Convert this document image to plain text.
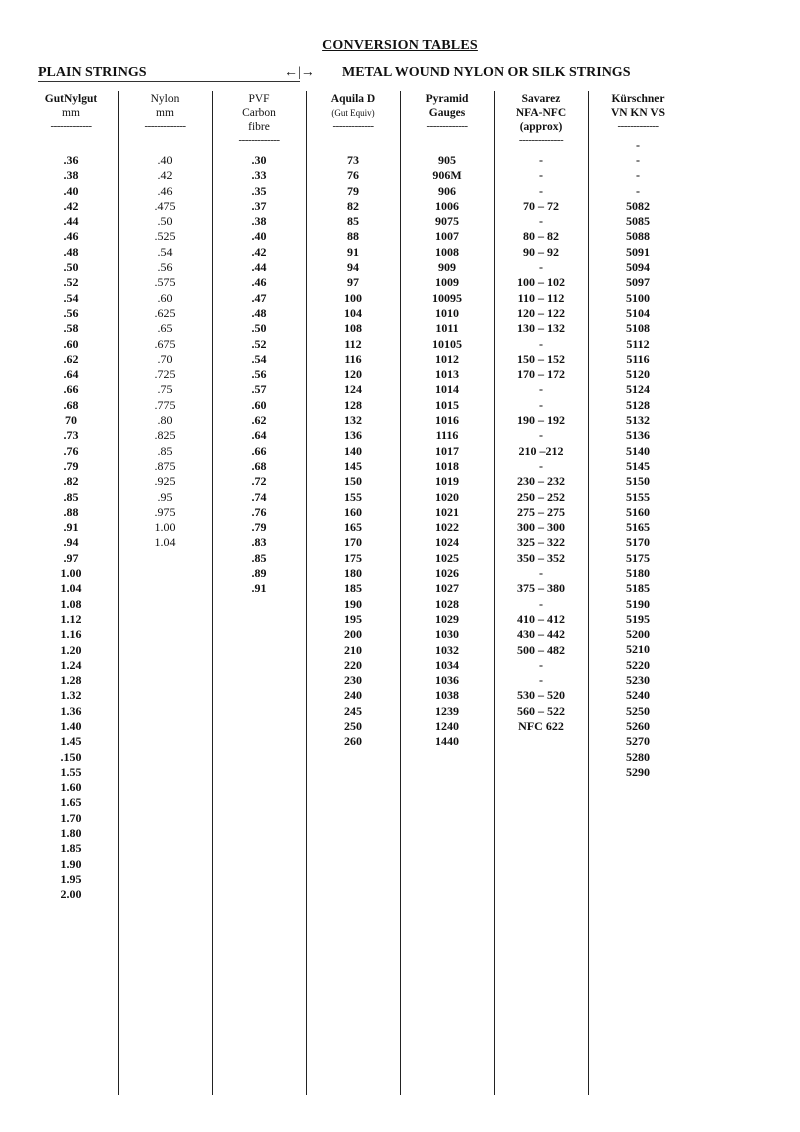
CONVERSION TABLES
PLAIN STRINGS	←|→ METAL WOUND NYLON OR SILK STRINGS
GutNylgut
mm
-------------
.36
.38
.40
.42
.44
.46
.48
.50
.52
.54
.56
.58
.60
.62
.64
.66
.68
70
.73
.76
.79
.82
.85
.88
.91
.94
.97
1.00
1.04
1.08
1.12
1.16
1.20
1.24
1.28
1.32
1.36
1.40
1.45
.150
1.55
1.60
1.65
1.70
1.80
1.85
1.90
1.95
2.00
Nylon
mm
-------------
.40
.42
.46
.475
.50
.525
.54
.56
.575
.60
.625
.65
.675
.70
.725
.75
.775
.80
.825
.85
.875
.925
.95
.975
1.00
1.04
PVF
Carbon
fibre
-------------
.30
.33
.35
.37
.38
.40
.42
.44
.46
.47
.48
.50
.52
.54
.56
.57
.60
.62
.64
.66
.68
.72
.74
.76
.79
.83
.85
.89
.91
Aquila D
(Gut Equiv)
-------------
73
76
79
82
85
88
91
94
97
100
104
108
112
116
120
124
128
132
136
140
145
150
155
160
165
170
175
180
185
190
195
200
210
220
230
240
245
250
260
Pyramid
Gauges
-------------
905
906M
906
1006
9075
1007
1008
909
1009
10095
1010
1011
10105
1012
1013
1014
1015
1016
1116
1017
1018
1019
1020
1021
1022
1024
1025
1026
1027
1028
1029
1030
1032
1034
1036
1038
1239
1240
1440
Savarez
NFA-NFC
(approx)
--------------
-
-
-
70 – 72
-
80 – 82
90 – 92
-
100 – 102
110 – 112
120 – 122
130 – 132
-
150 – 152
170 – 172
-
-
190 – 192
-
210 –212
-
230 – 232
250 – 252
275 – 275
300 – 300
325 – 322
350 – 352
-
375 – 380
-
410 – 412
430 – 442
500 – 482
-
-
530 – 520
560 – 522
NFC 622
Kürschner
VN KN VS
-------------
-
-
-
-
5082
5085
5088
5091
5094
5097
5100
5104
5108
5112
5116
5120
5124
5128
5132
5136
5140
5145
5150
5155
5160
5165
5170
5175
5180
5185
5190
5195
5200
5210
5220
5230
5240
5250
5260
5270
5280
5290
